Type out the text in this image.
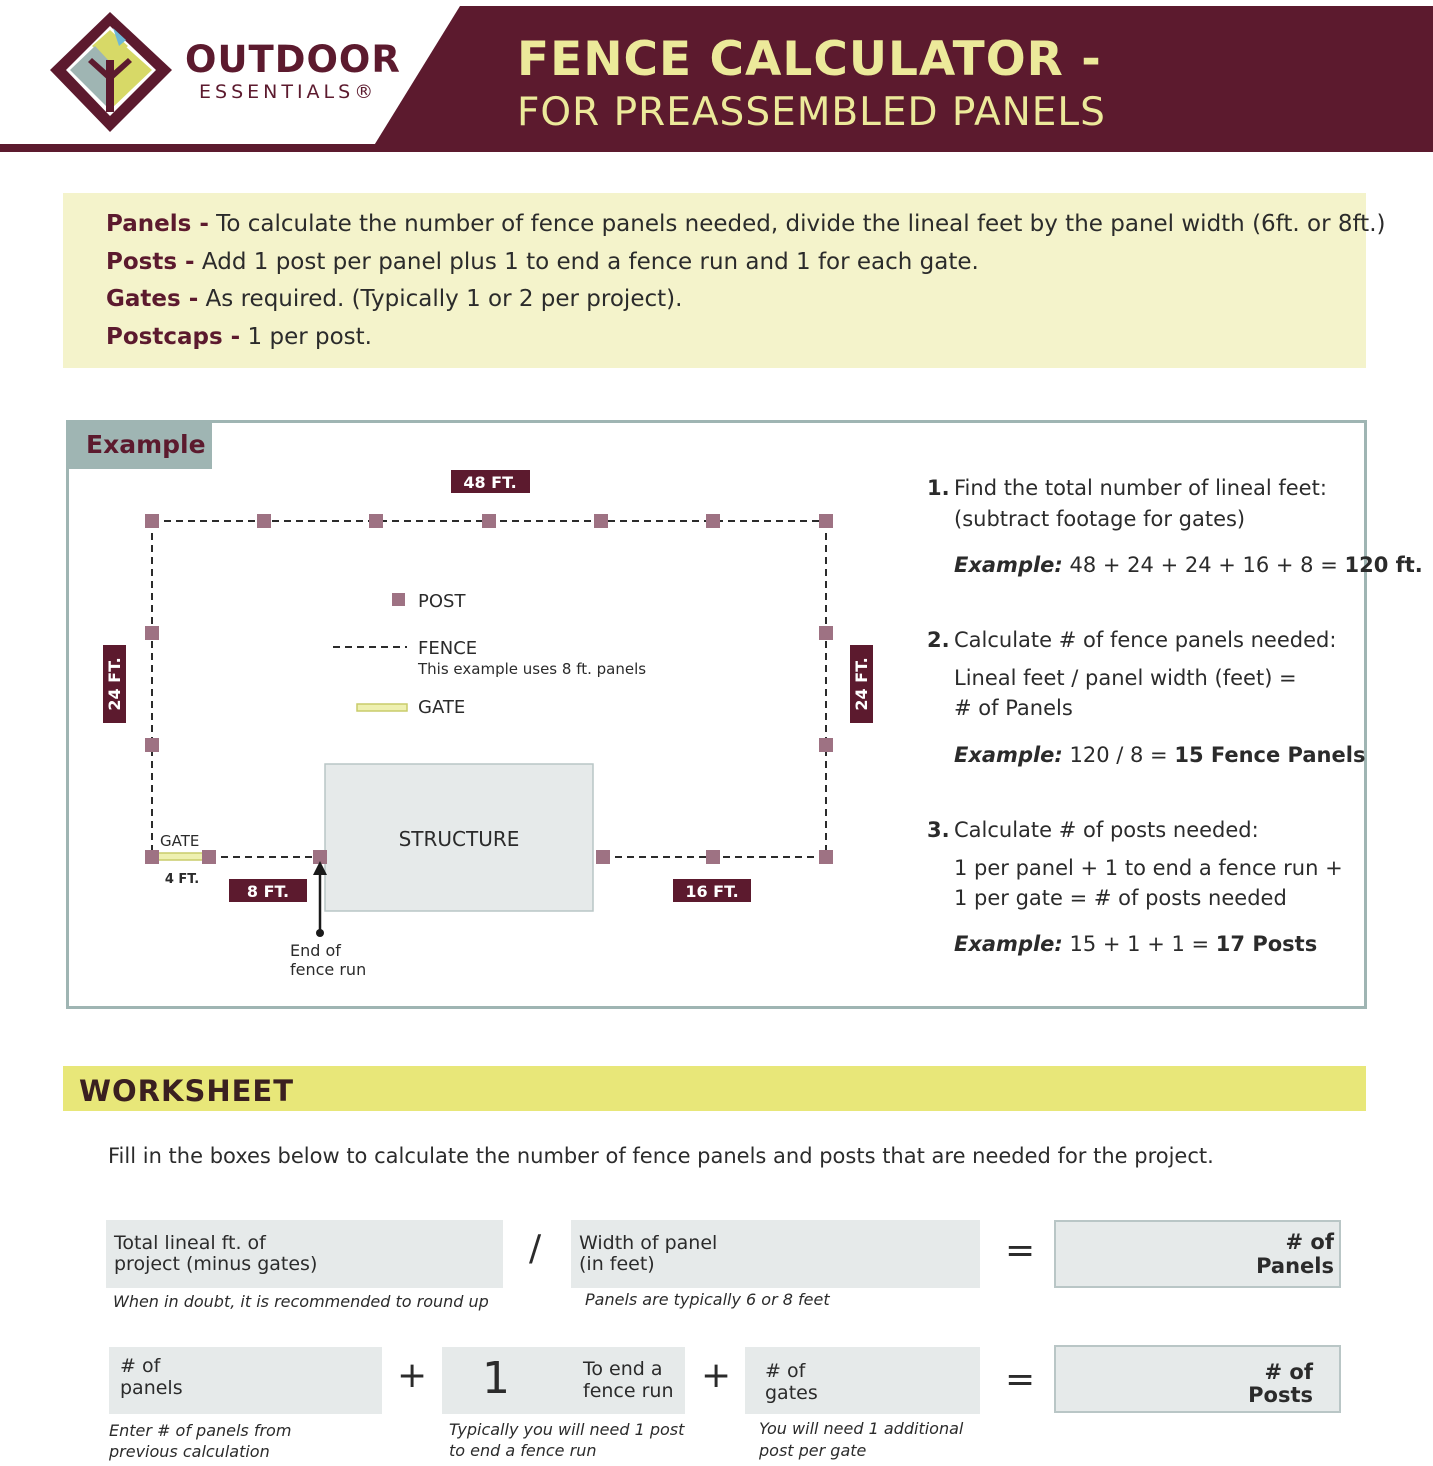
OUTDOOR
ESSENTIALS®
FENCE CALCULATOR -
FOR PREASSEMBLED PANELS
Panels - To calculate the number of fence panels needed, divide the lineal feet by the panel width (6ft. or 8ft.)
Posts - Add 1 post per panel plus 1 to end a fence run and 1 for each gate.
Gates - As required. (Typically 1 or 2 per project).
Postcaps - 1 per post.
Example
48 FT.
24 FT.	24 FT.
8 FT.	16 FT.
4 FT.
POST
FENCE
This example uses 8 ft. panels
GATE
STRUCTURE
GATE
End of
fence run
1. Find the total number of lineal feet:
(subtract footage for gates)
Example: 48 + 24 + 24 + 16 + 8 = 120 ft.
2. Calculate # of fence panels needed:
Lineal feet / panel width (feet) =
# of Panels
Example: 120 / 8 = 15 Fence Panels
3. Calculate # of posts needed:
1 per panel + 1 to end a fence run +
1 per gate = # of posts needed
Example: 15 + 1 + 1 = 17 Posts
WORKSHEET
Fill in the boxes below to calculate the number of fence panels and posts that are needed for the project.
Total lineal ft. of
project (minus gates)
When in doubt, it is recommended to round up
/ Width of panel
(in feet)
Panels are typically 6 or 8 feet
=	# of
Panels
# of
panels
Enter # of panels from
previous calculation
+ 1	To end a
fence run
Typically you will need 1 post
to end a fence run
+ # of
gates
You will need 1 additional
post per gate
=	# of
Posts
